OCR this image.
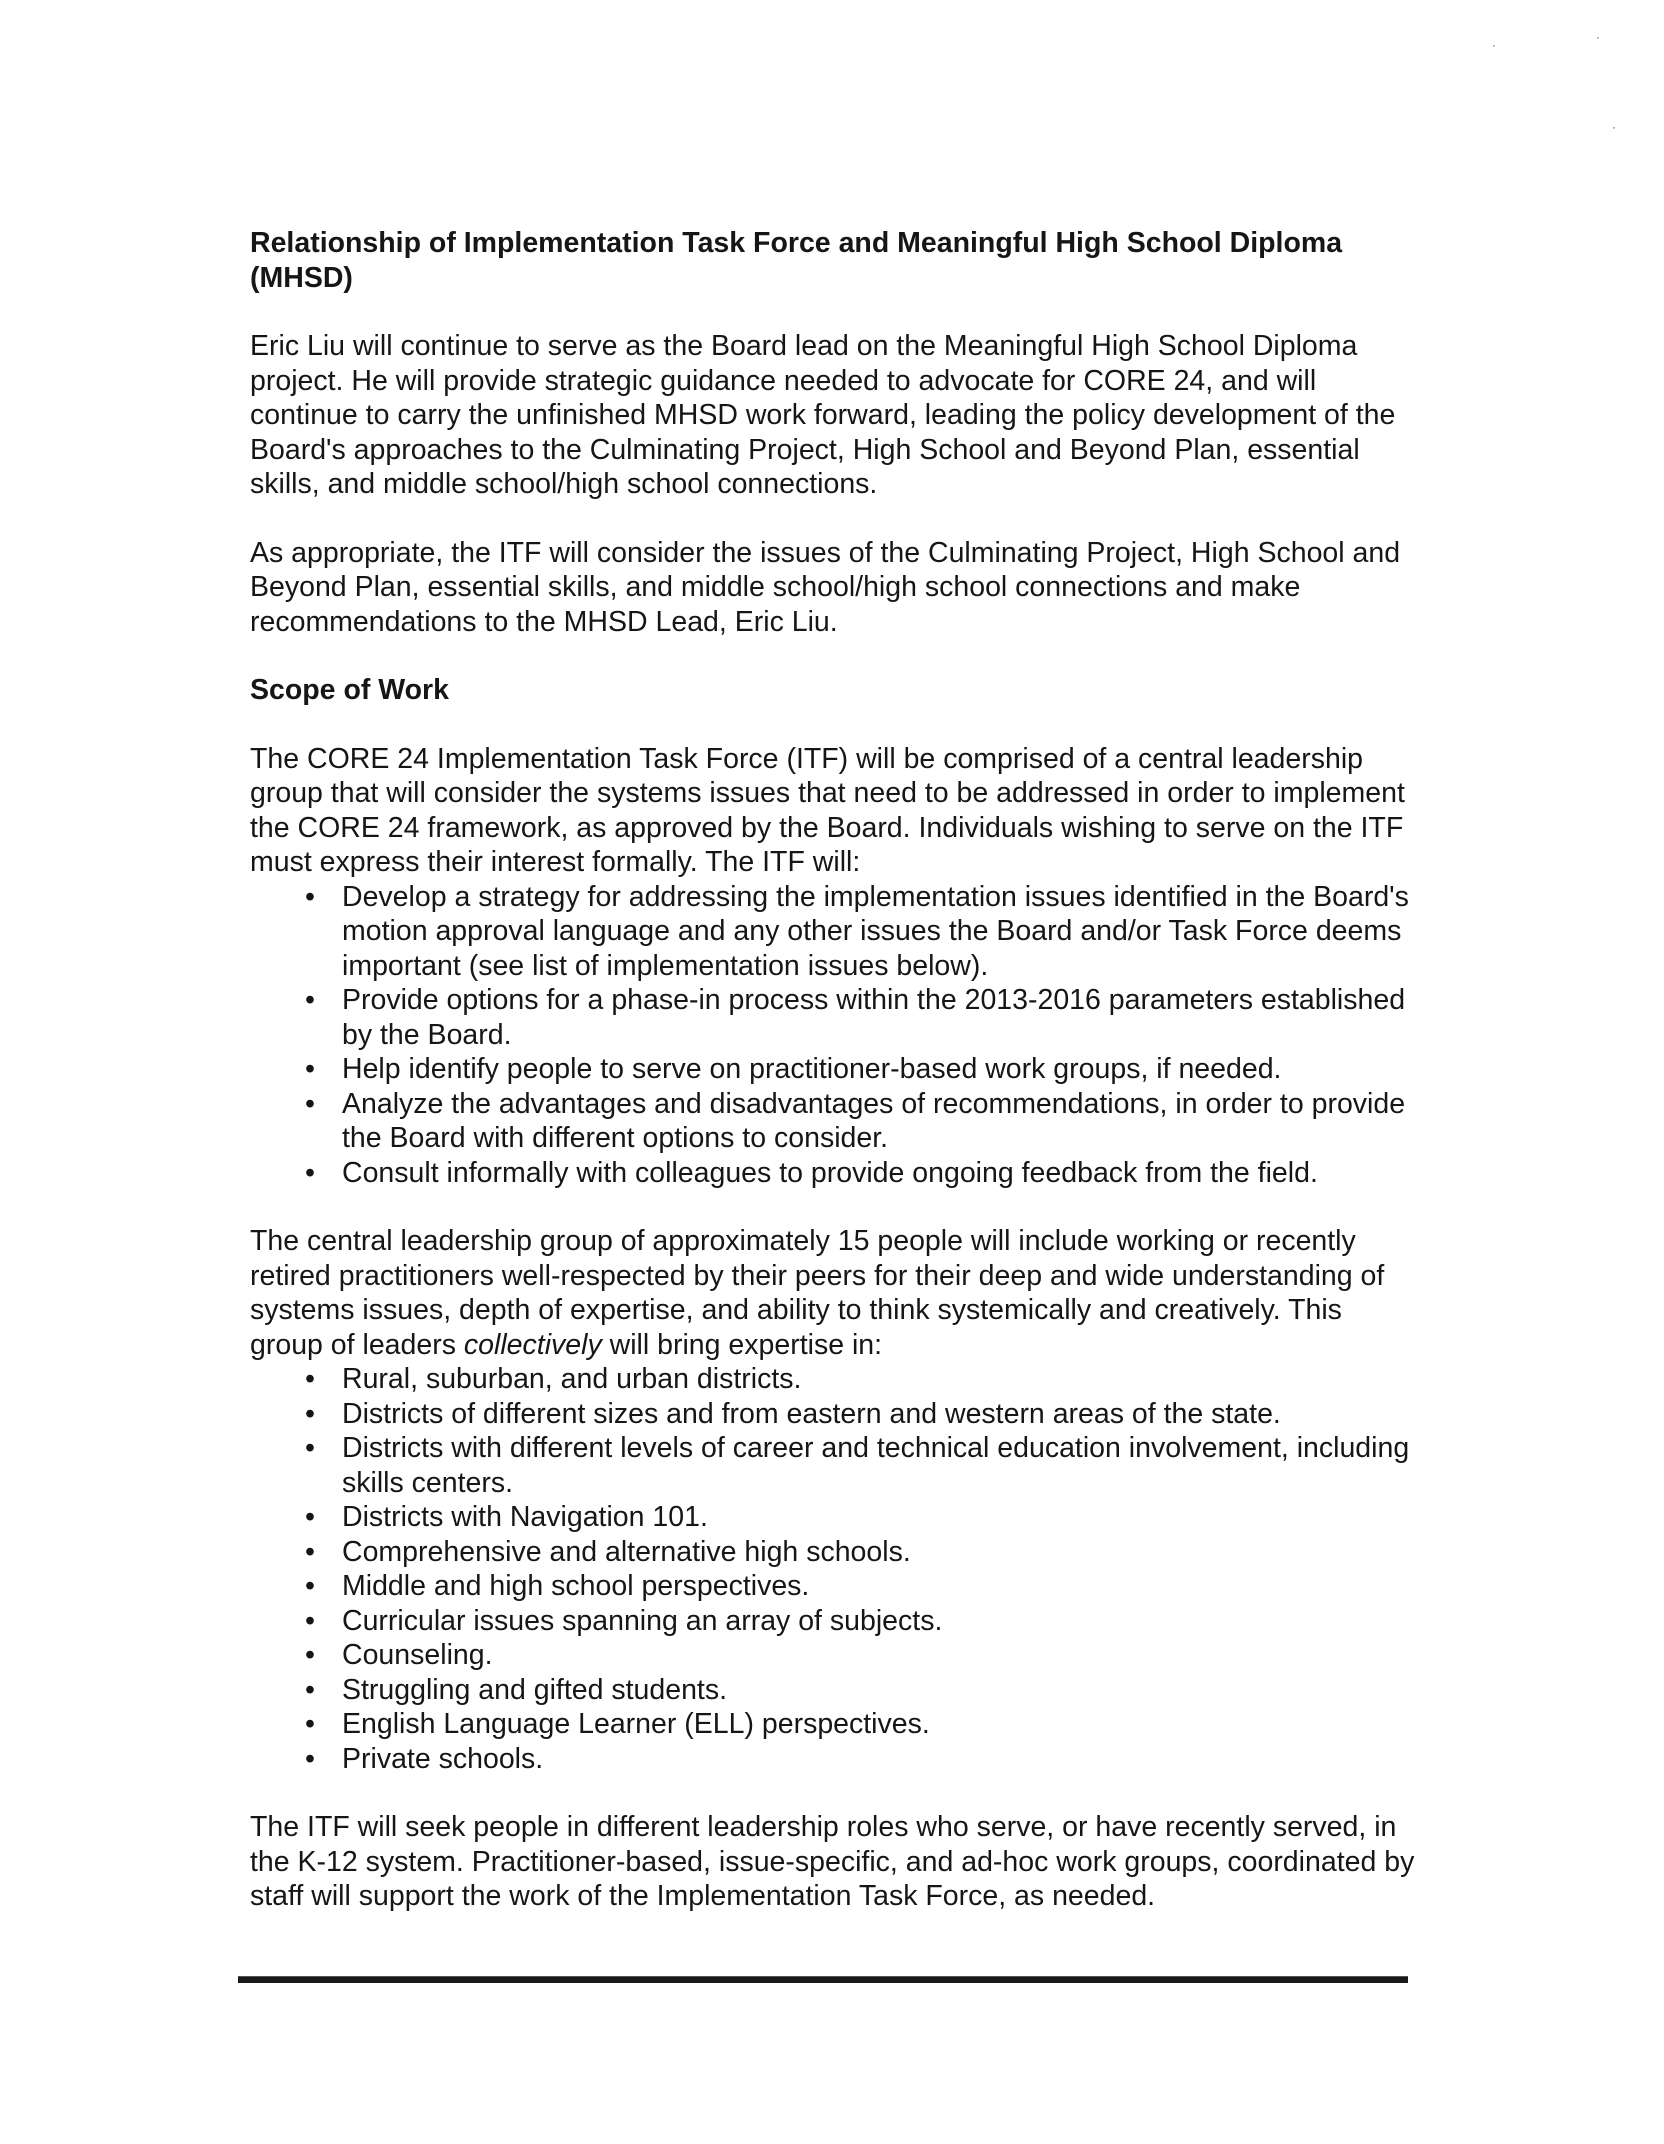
·
·
·

Relationship of Implementation Task Force and Meaningful High School Diploma (MHSD)

Eric Liu will continue to serve as the Board lead on the Meaningful High School Diploma project. He will provide strategic guidance needed to advocate for CORE 24, and will continue to carry the unfinished MHSD work forward, leading the policy development of the Board's approaches to the Culminating Project, High School and Beyond Plan, essential skills, and middle school/high school connections.

As appropriate, the ITF will consider the issues of the Culminating Project, High School and Beyond Plan, essential skills, and middle school/high school connections and make recommendations to the MHSD Lead, Eric Liu.

Scope of Work

The CORE 24 Implementation Task Force (ITF) will be comprised of a central leadership group that will consider the systems issues that need to be addressed in order to implement the CORE 24 framework, as approved by the Board. Individuals wishing to serve on the ITF must express their interest formally. The ITF will:

• Develop a strategy for addressing the implementation issues identified in the Board's motion approval language and any other issues the Board and/or Task Force deems important (see list of implementation issues below).
• Provide options for a phase-in process within the 2013-2016 parameters established by the Board.
• Help identify people to serve on practitioner-based work groups, if needed.
• Analyze the advantages and disadvantages of recommendations, in order to provide the Board with different options to consider.
• Consult informally with colleagues to provide ongoing feedback from the field.

The central leadership group of approximately 15 people will include working or recently retired practitioners well-respected by their peers for their deep and wide understanding of systems issues, depth of expertise, and ability to think systemically and creatively. This group of leaders collectively will bring expertise in:

• Rural, suburban, and urban districts.
• Districts of different sizes and from eastern and western areas of the state.
• Districts with different levels of career and technical education involvement, including skills centers.
• Districts with Navigation 101.
• Comprehensive and alternative high schools.
• Middle and high school perspectives.
• Curricular issues spanning an array of subjects.
• Counseling.
• Struggling and gifted students.
• English Language Learner (ELL) perspectives.
• Private schools.

The ITF will seek people in different leadership roles who serve, or have recently served, in the K-12 system. Practitioner-based, issue-specific, and ad-hoc work groups, coordinated by staff will support the work of the Implementation Task Force, as needed.
